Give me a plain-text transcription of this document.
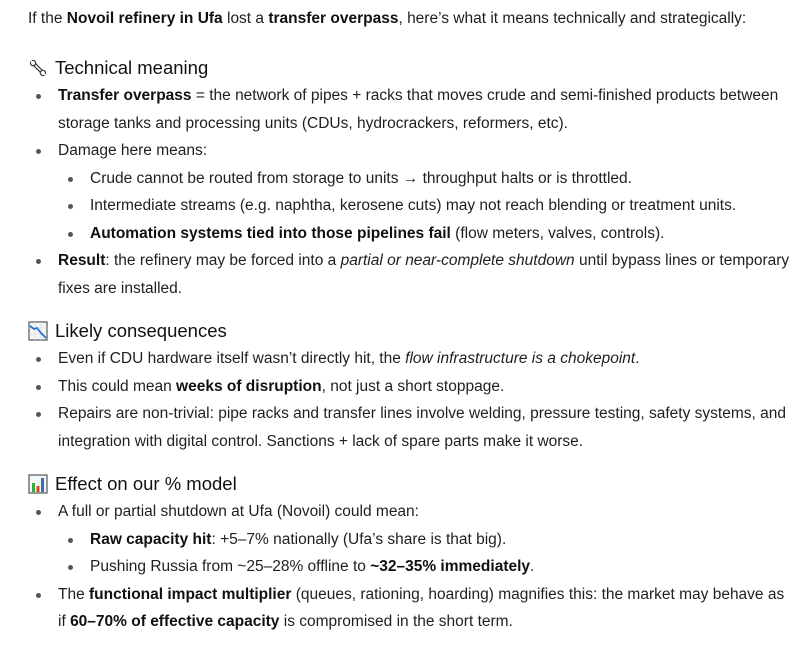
If the Novoil refinery in Ufa lost a transfer overpass, here’s what it means technically and strategically:

Technical meaning
Transfer overpass = the network of pipes + racks that moves crude and semi-finished products between storage tanks and processing units (CDUs, hydrocrackers, reformers, etc).
Damage here means:
Crude cannot be routed from storage to units → throughput halts or is throttled.
Intermediate streams (e.g. naphtha, kerosene cuts) may not reach blending or treatment units.
Automation systems tied into those pipelines fail (flow meters, valves, controls).
Result: the refinery may be forced into a partial or near-complete shutdown until bypass lines or temporary fixes are installed.
Likely consequences
Even if CDU hardware itself wasn’t directly hit, the flow infrastructure is a chokepoint.
This could mean weeks of disruption, not just a short stoppage.
Repairs are non-trivial: pipe racks and transfer lines involve welding, pressure testing, safety systems, and integration with digital control. Sanctions + lack of spare parts make it worse.
Effect on our % model
A full or partial shutdown at Ufa (Novoil) could mean:
Raw capacity hit: +5–7% nationally (Ufa’s share is that big).
Pushing Russia from ~25–28% offline to ~32–35% immediately.
The functional impact multiplier (queues, rationing, hoarding) magnifies this: the market may behave as if 60–70% of effective capacity is compromised in the short term.
